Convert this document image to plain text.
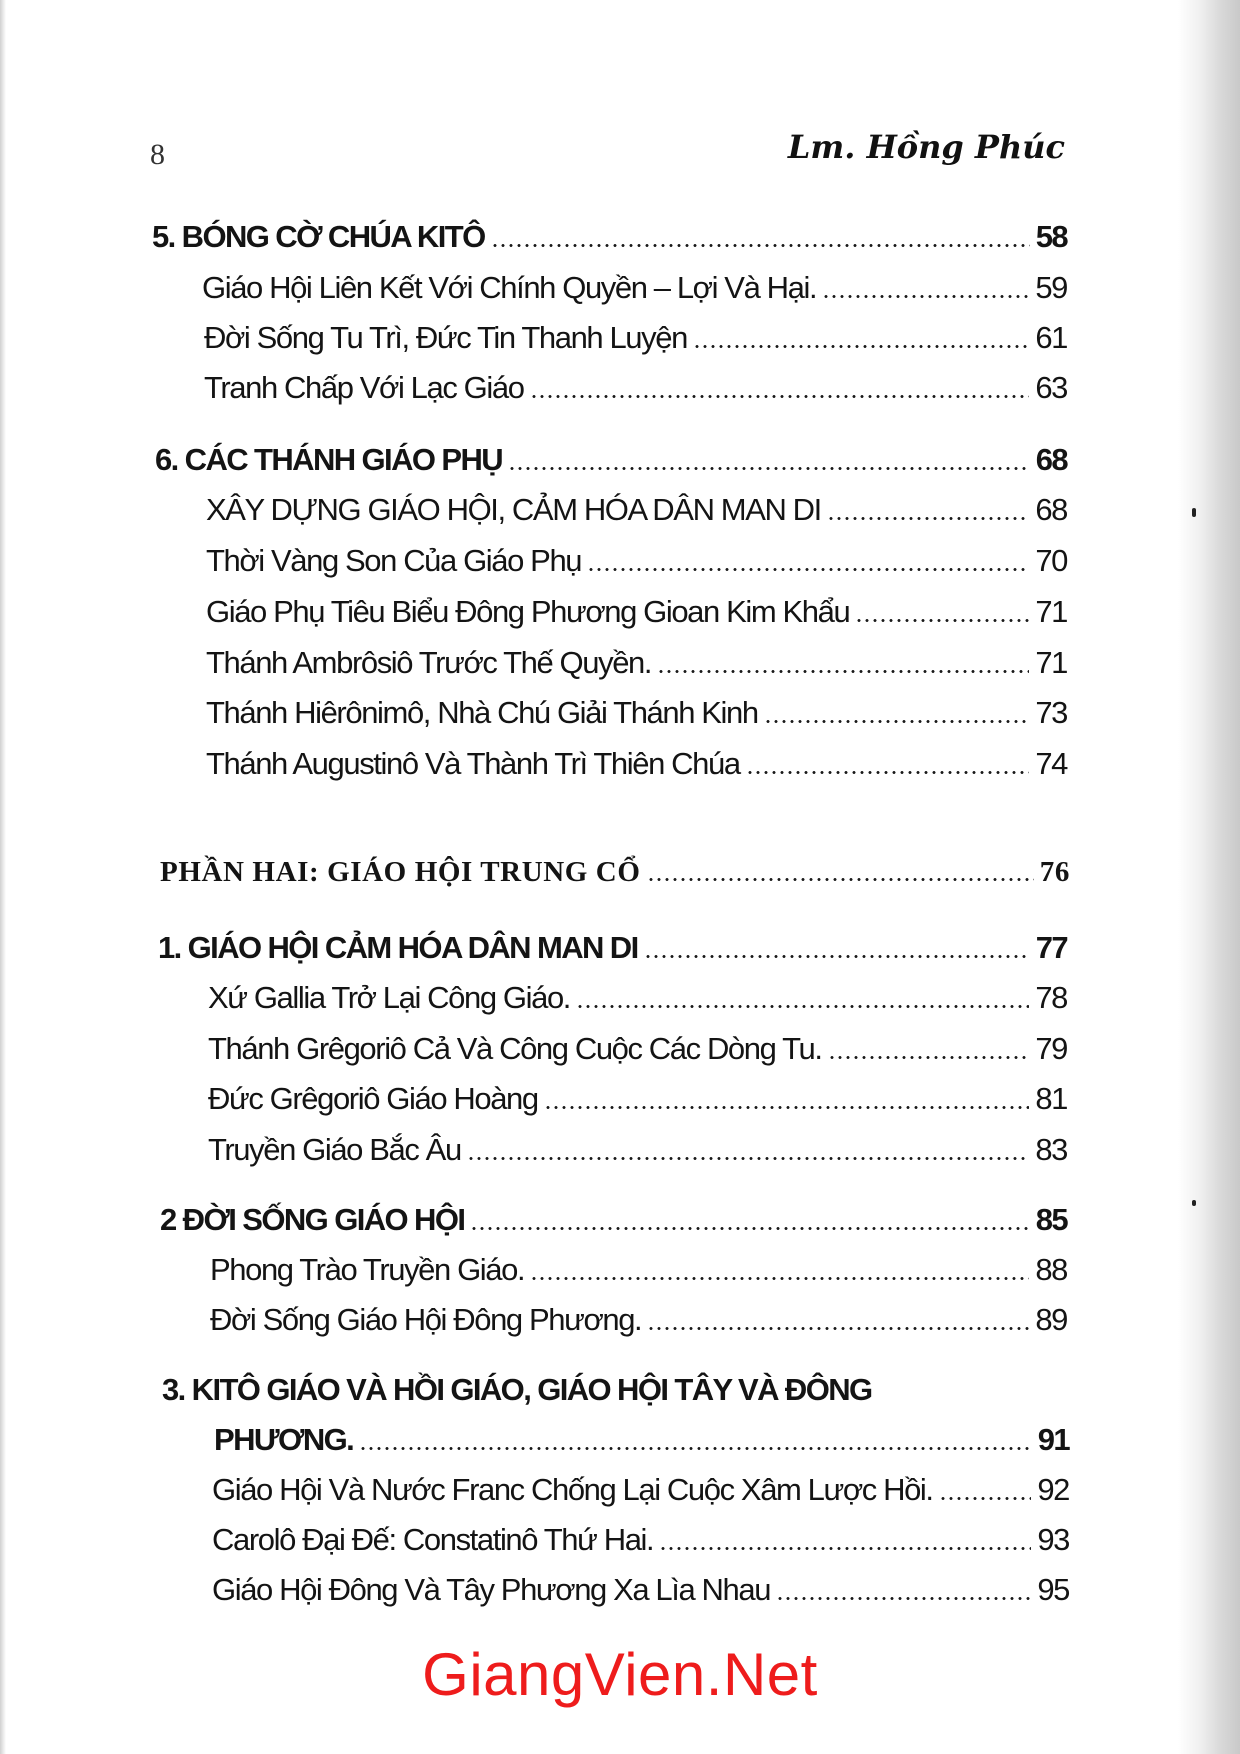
8	Lm. Hồng Phúc
5. BÓNG CỜ CHÚA KITÔ	58
Giáo Hội Liên Kết Với Chính Quyền – Lợi Và Hại.	59
Đời Sống Tu Trì, Đức Tin Thanh Luyện	61
Tranh Chấp Với Lạc Giáo	63
6. CÁC THÁNH GIÁO PHỤ	68
XÂY DỰNG GIÁO HỘI, CẢM HÓA DÂN MAN DI	68
Thời Vàng Son Của Giáo Phụ	70
Giáo Phụ Tiêu Biểu Đông Phương Gioan Kim Khẩu	71
Thánh Ambrôsiô Trước Thế Quyền.	71
Thánh Hiêrônimô, Nhà Chú Giải Thánh Kinh	73
Thánh Augustinô Và Thành Trì Thiên Chúa	74
PHẦN HAI: GIÁO HỘI TRUNG CỔ	76
1. GIÁO HỘI CẢM HÓA DÂN MAN DI	77
Xứ Gallia Trở Lại Công Giáo.	78
Thánh Grêgoriô Cả Và Công Cuộc Các Dòng Tu.	79
Đức Grêgoriô Giáo Hoàng	81
Truyền Giáo Bắc Âu	83
2 ĐỜI SỐNG GIÁO HỘI	85
Phong Trào Truyền Giáo.	88
Đời Sống Giáo Hội Đông Phương.	89
3. KITÔ GIÁO VÀ HỒI GIÁO, GIÁO HỘI TÂY VÀ ĐÔNG
PHƯƠNG.	91
Giáo Hội Và Nước Franc Chống Lại Cuộc Xâm Lược Hồi.	92
Carolô Đại Đế: Constatinô Thứ Hai.	93
Giáo Hội Đông Và Tây Phương Xa Lìa Nhau	95
GiangVien.Net
